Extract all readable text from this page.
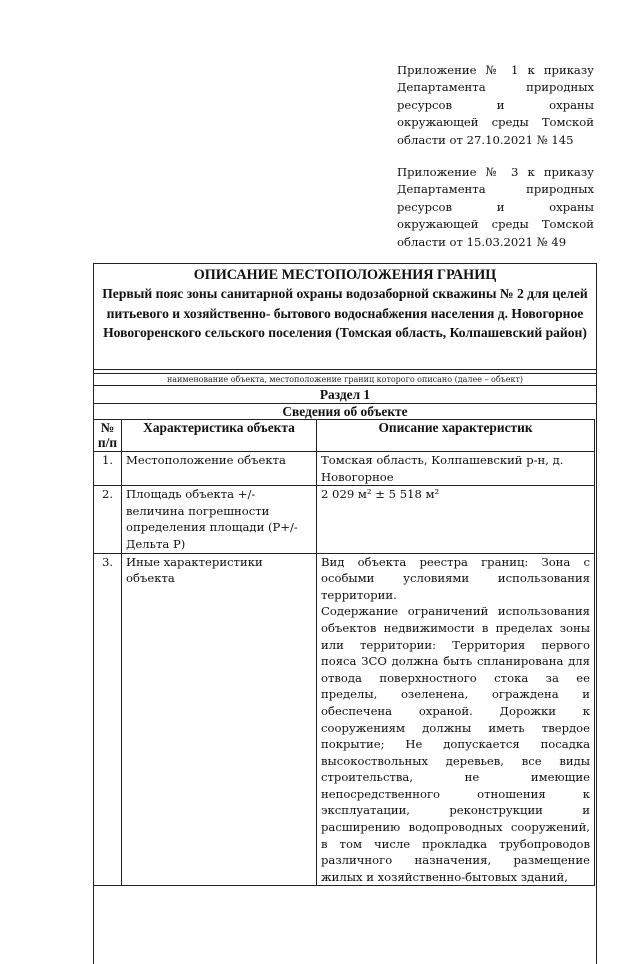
Приложение № 1 к приказу Департамента природных ресурсов и охраны окружающей среды Томской области от 27.10.2021 № 145
Приложение № 3 к приказу Департамента природных ресурсов и охраны окружающей среды Томской области от 15.03.2021 № 49
ОПИСАНИЕ МЕСТОПОЛОЖЕНИЯ ГРАНИЦ
Первый пояс зоны санитарной охраны водозаборной скважины № 2 для целей питьевого и хозяйственно- бытового водоснабжения населения д. Новогорное Новогоренского сельского поселения (Томская область, Колпашевский район)
наименование объекта, местоположение границ которого описано (далее – объект)
Раздел 1
Сведения об объекте
№ п/п	Характеристика объекта	Описание характеристик
1.	Местоположение объекта	Томская область, Колпашевский р-н, д. Новогорное
2.	Площадь объекта +/- величина погрешности определения площади (Р+/- Дельта Р)	2 029 м² ± 5 518 м²
3.	Иные характеристики объекта	Вид объекта реестра границ: Зона с особыми условиями использования территории.
Содержание ограничений использования объектов недвижимости в пределах зоны или территории: Территория первого пояса ЗСО должна быть спланирована для отвода поверхностного стока за ее пределы, озеленена, ограждена и обеспечена охраной. Дорожки к сооружениям должны иметь твердое покрытие; Не допускается посадка высокоствольных деревьев, все виды строительства, не имеющие непосредственного отношения к эксплуатации, реконструкции и расширению водопроводных сооружений, в том числе прокладка трубопроводов различного назначения, размещение жилых и хозяйственно-бытовых зданий,
